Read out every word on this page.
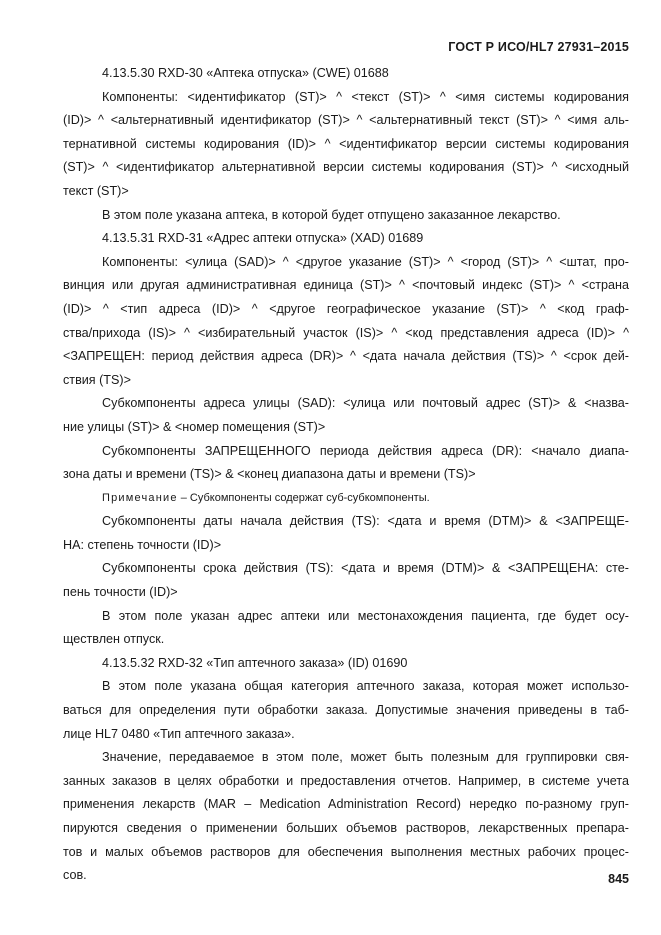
ГОСТ Р ИСО/HL7 27931–2015
4.13.5.30 RXD-30 «Аптека отпуска» (CWE) 01688
Компоненты: <идентификатор (ST)> ^ <текст (ST)> ^ <имя системы кодирования
(ID)> ^ <альтернативный идентификатор (ST)> ^ <альтернативный текст (ST)> ^ <имя аль-
тернативной системы кодирования (ID)> ^ <идентификатор версии системы кодирования
(ST)> ^ <идентификатор альтернативной версии системы кодирования (ST)> ^ <исходный
текст (ST)>
В этом поле указана аптека, в которой будет отпущено заказанное лекарство.
4.13.5.31 RXD-31 «Адрес аптеки отпуска» (XAD) 01689
Компоненты: <улица (SAD)> ^ <другое указание (ST)> ^ <город (ST)> ^ <штат, про-
винция или другая административная единица (ST)> ^ <почтовый индекс (ST)> ^ <страна
(ID)> ^ <тип адреса (ID)> ^ <другое географическое указание (ST)> ^ <код граф-
ства/прихода (IS)> ^ <избирательный участок (IS)> ^ <код представления адреса (ID)> ^
<ЗАПРЕЩЕН: период действия адреса (DR)> ^ <дата начала действия (TS)> ^ <срок дей-
ствия (TS)>
Субкомпоненты адреса улицы (SAD): <улица или почтовый адрес (ST)> & <назва-
ние улицы (ST)> & <номер помещения (ST)>
Субкомпоненты ЗАПРЕЩЕННОГО периода действия адреса (DR): <начало диапа-
зона даты и времени (TS)> & <конец диапазона даты и времени (TS)>
Примечание – Субкомпоненты содержат суб-субкомпоненты.
Субкомпоненты даты начала действия (TS): <дата и время (DTM)> & <ЗАПРЕЩЕ-
НА: степень точности (ID)>
Субкомпоненты срока действия (TS): <дата и время (DTM)> & <ЗАПРЕЩЕНА: сте-
пень точности (ID)>
В этом поле указан адрес аптеки или местонахождения пациента, где будет осу-
ществлен отпуск.
4.13.5.32 RXD-32 «Тип аптечного заказа» (ID) 01690
В этом поле указана общая категория аптечного заказа, которая может использо-
ваться для определения пути обработки заказа. Допустимые значения приведены в таб-
лице HL7 0480 «Тип аптечного заказа».
Значение, передаваемое в этом поле, может быть полезным для группировки свя-
занных заказов в целях обработки и предоставления отчетов. Например, в системе учета
применения лекарств (MAR – Medication Administration Record) нередко по-разному груп-
пируются сведения о применении больших объемов растворов, лекарственных препара-
тов и малых объемов растворов для обеспечения выполнения местных рабочих процес-
сов.	845
